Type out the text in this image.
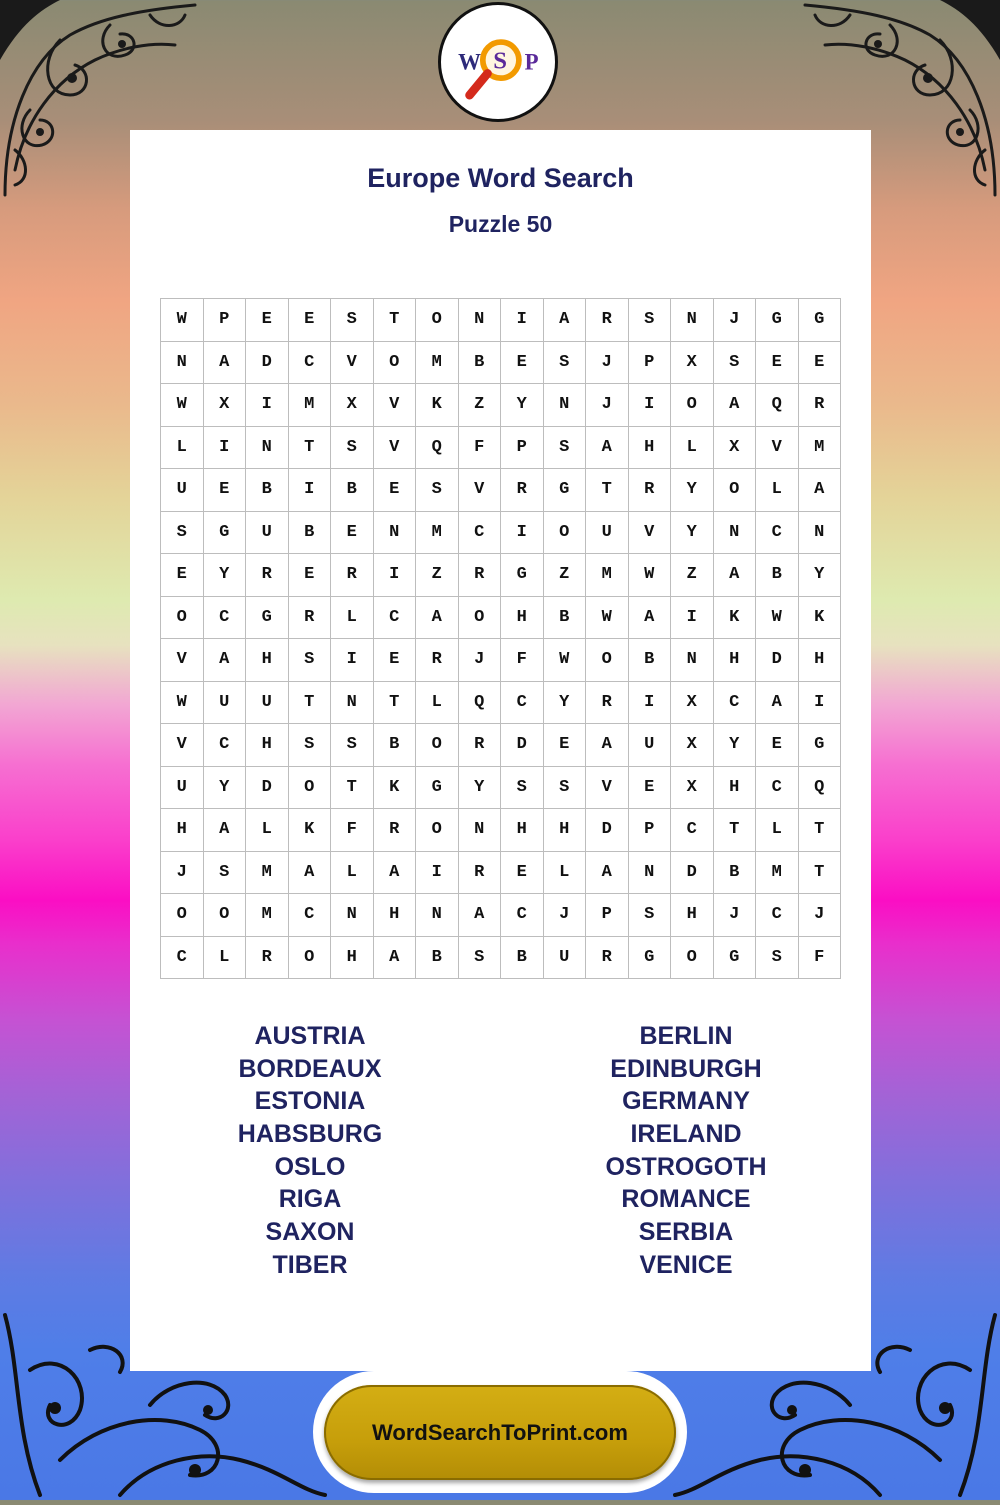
W S P
Europe Word Search
Puzzle 50
W	P	E	E	S	T	O	N	I	A	R	S	N	J	G	G
N	A	D	C	V	O	M	B	E	S	J	P	X	S	E	E
W	X	I	M	X	V	K	Z	Y	N	J	I	O	A	Q	R
L	I	N	T	S	V	Q	F	P	S	A	H	L	X	V	M
U	E	B	I	B	E	S	V	R	G	T	R	Y	O	L	A
S	G	U	B	E	N	M	C	I	O	U	V	Y	N	C	N
E	Y	R	E	R	I	Z	R	G	Z	M	W	Z	A	B	Y
O	C	G	R	L	C	A	O	H	B	W	A	I	K	W	K
V	A	H	S	I	E	R	J	F	W	O	B	N	H	D	H
W	U	U	T	N	T	L	Q	C	Y	R	I	X	C	A	I
V	C	H	S	S	B	O	R	D	E	A	U	X	Y	E	G
U	Y	D	O	T	K	G	Y	S	S	V	E	X	H	C	Q
H	A	L	K	F	R	O	N	H	H	D	P	C	T	L	T
J	S	M	A	L	A	I	R	E	L	A	N	D	B	M	T
O	O	M	C	N	H	N	A	C	J	P	S	H	J	C	J
C	L	R	O	H	A	B	S	B	U	R	G	O	G	S	F
AUSTRIA
BORDEAUX
ESTONIA
HABSBURG
OSLO
RIGA
SAXON
TIBER
BERLIN
EDINBURGH
GERMANY
IRELAND
OSTROGOTH
ROMANCE
SERBIA
VENICE
WordSearchToPrint.com
